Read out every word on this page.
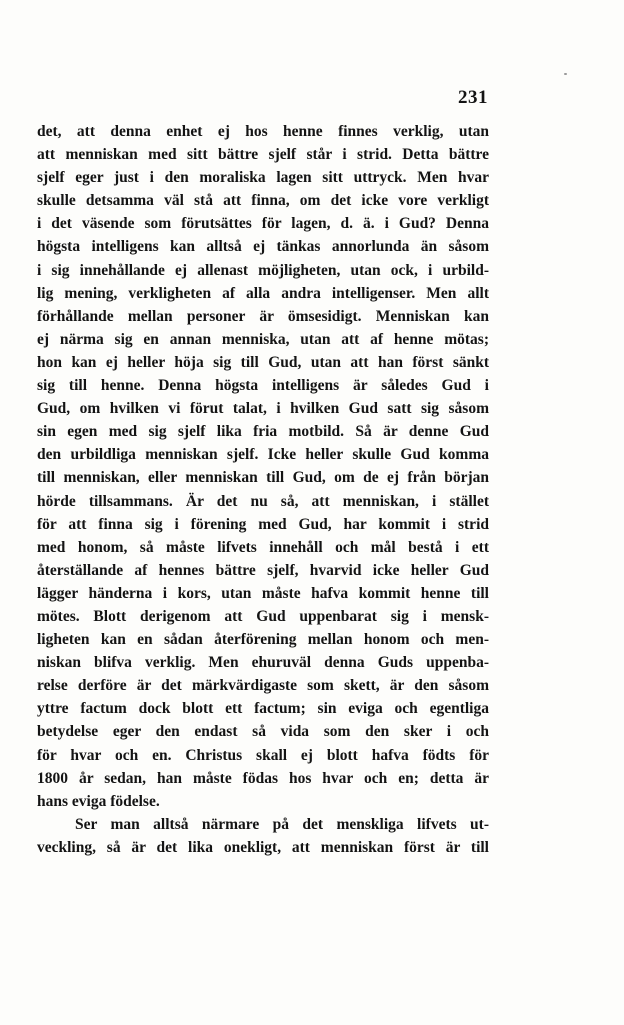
231
det, att denna enhet ej hos henne finnes verklig, utan
att menniskan med sitt bättre sjelf står i strid. Detta bättre
sjelf eger just i den moraliska lagen sitt uttryck. Men hvar
skulle detsamma väl stå att finna, om det icke vore verkligt
i det väsende som förutsättes för lagen, d. ä. i Gud? Denna
högsta intelligens kan alltså ej tänkas annorlunda än såsom
i sig innehållande ej allenast möjligheten, utan ock, i urbild-
lig mening, verkligheten af alla andra intelligenser. Men allt
förhållande mellan personer är ömsesidigt. Menniskan kan
ej närma sig en annan menniska, utan att af henne mötas;
hon kan ej heller höja sig till Gud, utan att han först sänkt
sig till henne. Denna högsta intelligens är således Gud i
Gud, om hvilken vi förut talat, i hvilken Gud satt sig såsom
sin egen med sig sjelf lika fria motbild. Så är denne Gud
den urbildliga menniskan sjelf. Icke heller skulle Gud komma
till menniskan, eller menniskan till Gud, om de ej från början
hörde tillsammans. Är det nu så, att menniskan, i stället
för att finna sig i förening med Gud, har kommit i strid
med honom, så måste lifvets innehåll och mål bestå i ett
återställande af hennes bättre sjelf, hvarvid icke heller Gud
lägger händerna i kors, utan måste hafva kommit henne till
mötes. Blott derigenom att Gud uppenbarat sig i mensk-
ligheten kan en sådan återförening mellan honom och men-
niskan blifva verklig. Men ehuruväl denna Guds uppenba-
relse derföre är det märkvärdigaste som skett, är den såsom
yttre factum dock blott ett factum; sin eviga och egentliga
betydelse eger den endast så vida som den sker i och
för hvar och en. Christus skall ej blott hafva födts för
1800 år sedan, han måste födas hos hvar och en; detta är
hans eviga födelse.
Ser man alltså närmare på det menskliga lifvets ut-
veckling, så är det lika onekligt, att menniskan först är till
